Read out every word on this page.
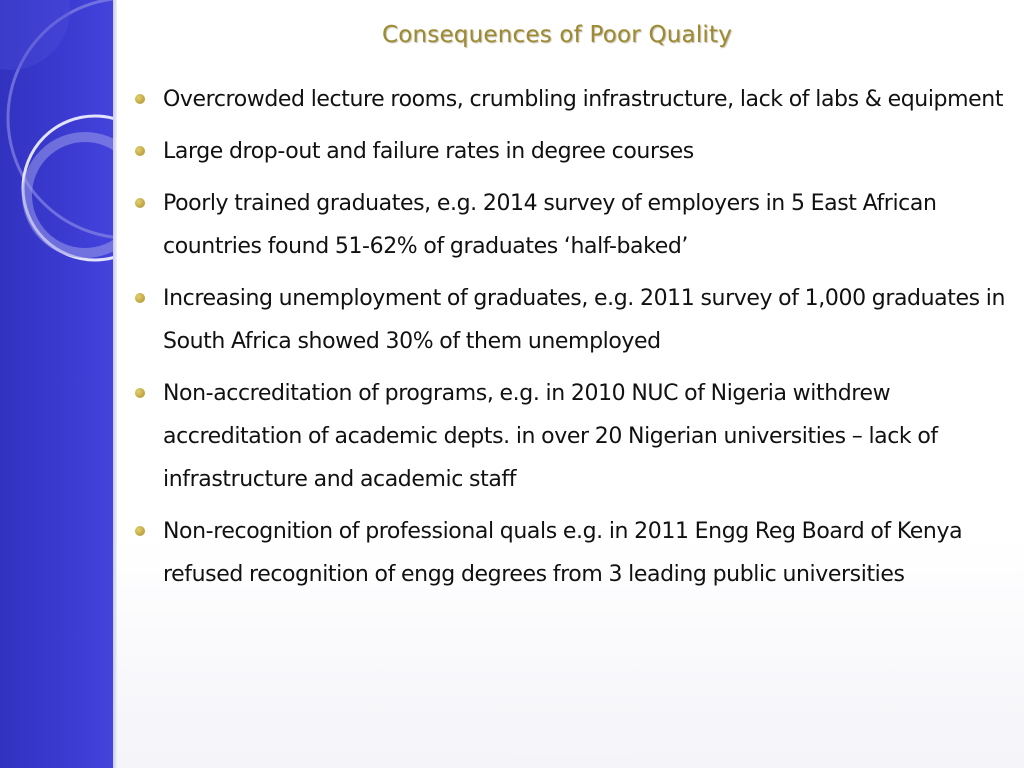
Consequences of Poor Quality
Overcrowded lecture rooms, crumbling infrastructure, lack of labs & equipment
Large drop-out and failure rates in degree courses
Poorly trained graduates, e.g. 2014 survey of employers in 5 East African countries found 51-62% of graduates ‘half-baked’
Increasing unemployment of graduates, e.g. 2011 survey of 1,000 graduates in South Africa showed 30% of them unemployed
Non-accreditation of programs, e.g. in 2010 NUC of Nigeria withdrew accreditation of academic depts. in over 20 Nigerian universities – lack of infrastructure and academic staff
Non-recognition of professional quals e.g. in 2011 Engg Reg Board of Kenya refused recognition of engg degrees from 3 leading public universities
